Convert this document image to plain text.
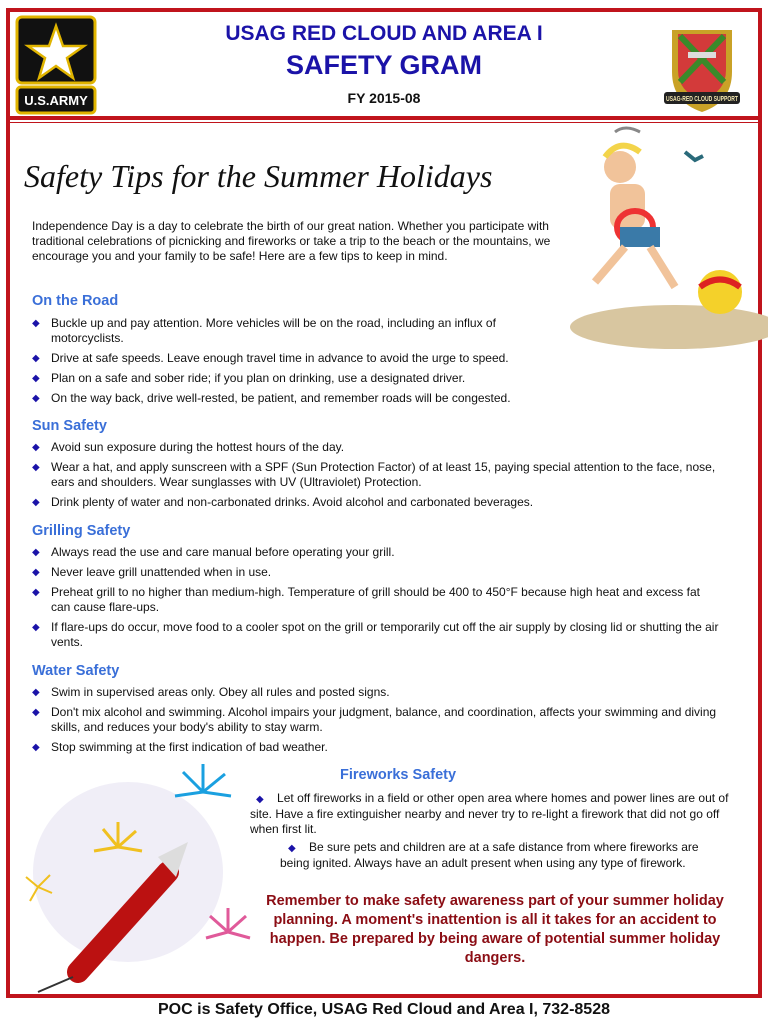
U.S.ARMY	USAG-RED CLOUD SUPPORT
USAG RED CLOUD AND AREA I
SAFETY GRAM
FY 2015-08
Safety Tips for the Summer Holidays
Independence Day is a day to celebrate the birth of our great nation. Whether you participate with traditional celebrations of picnicking and fireworks or take a trip to the beach or the mountains, we encourage you and your family to be safe! Here are a few tips to keep in mind.
On the Road
◆ Buckle up and pay attention. More vehicles will be on the road, including an influx of motorcyclists.
◆ Drive at safe speeds. Leave enough travel time in advance to avoid the urge to speed.
◆ Plan on a safe and sober ride; if you plan on drinking, use a designated driver.
◆ On the way back, drive well-rested, be patient, and remember roads will be congested.
Sun Safety
◆ Avoid sun exposure during the hottest hours of the day.
◆ Wear a hat, and apply sunscreen with a SPF (Sun Protection Factor) of at least 15, paying special attention to the face, nose, ears and shoulders. Wear sunglasses with UV (Ultraviolet) Protection.
◆ Drink plenty of water and non-carbonated drinks. Avoid alcohol and carbonated beverages.
Grilling Safety
◆ Always read the use and care manual before operating your grill.
◆ Never leave grill unattended when in use.
◆ Preheat grill to no higher than medium-high. Temperature of grill should be 400 to 450°F because high heat and excess fat can cause flare-ups.
◆ If flare-ups do occur, move food to a cooler spot on the grill or temporarily cut off the air supply by closing lid or shutting the air vents.
Water Safety
◆ Swim in supervised areas only. Obey all rules and posted signs.
◆ Don't mix alcohol and swimming. Alcohol impairs your judgment, balance, and coordination, affects your swimming and diving skills, and reduces your body's ability to stay warm.
◆ Stop swimming at the first indication of bad weather.
Fireworks Safety
◆ Let off fireworks in a field or other open area where homes and power lines are out of site. Have a fire extinguisher nearby and never try to re-light a firework that did not go off when first lit.
◆ Be sure pets and children are at a safe distance from where fireworks are being ignited. Always have an adult present when using any type of firework.
Remember to make safety awareness part of your summer holiday planning. A moment's inattention is all it takes for an accident to happen. Be prepared by being aware of potential summer holiday dangers.
POC is Safety Office, USAG Red Cloud and Area I, 732-8528
